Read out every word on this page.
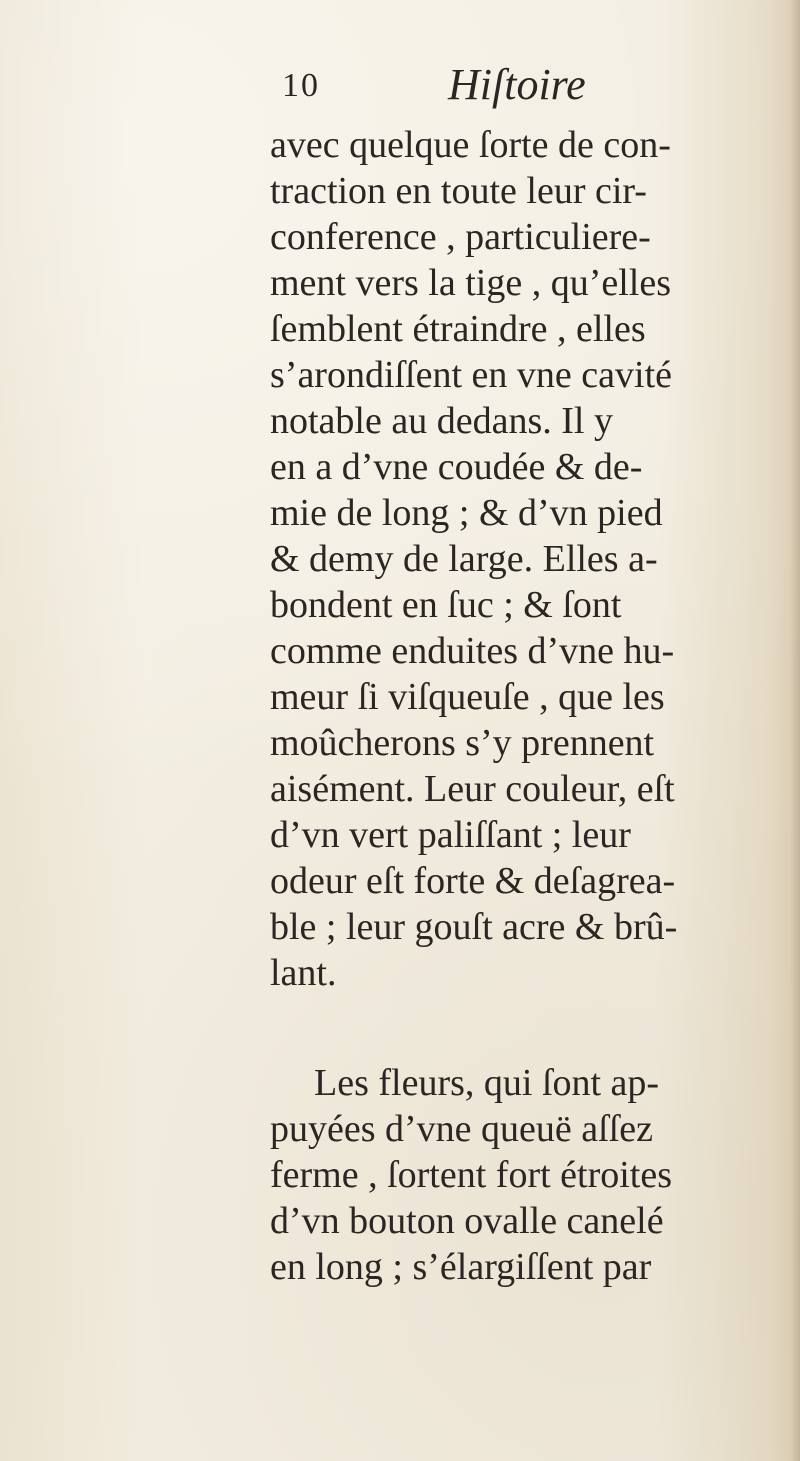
10	Hiſtoire
avec quelque ſorte de con-
traction en toute leur cir-
conference , particuliere-
ment vers la tige , qu’elles
ſemblent étraindre , elles
s’arondiſſent en vne cavité
notable au dedans. Il y
en a d’vne coudée & de-
mie de long ; & d’vn pied
& demy de large. Elles a-
bondent en ſuc ; & ſont
comme enduites d’vne hu-
meur ſi viſqueuſe , que les
moûcherons s’y prennent
aisément. Leur couleur, eſt
d’vn vert paliſſant ; leur
odeur eſt forte & deſagrea-
ble ; leur gouſt acre & brû-
lant.
Les fleurs, qui ſont ap-
puyées d’vne queuë aſſez
ferme , ſortent fort étroites
d’vn bouton ovalle canelé
en long ; s’élargiſſent par
